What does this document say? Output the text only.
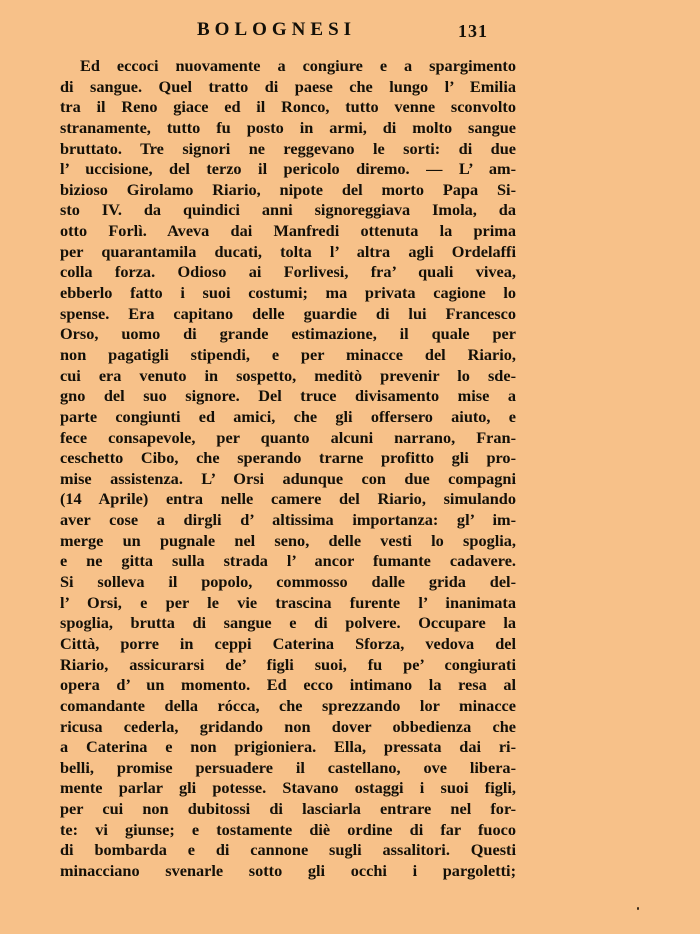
BOLOGNESI	131
Ed eccoci nuovamente a congiure e a spargimento
di sangue. Quel tratto di paese che lungo l’ Emilia
tra il Reno giace ed il Ronco, tutto venne sconvolto
stranamente, tutto fu posto in armi, di molto sangue
bruttato. Tre signori ne reggevano le sorti: di due
l’ uccisione, del terzo il pericolo diremo. — L’ am-
bizioso Girolamo Riario, nipote del morto Papa Si-
sto IV. da quindici anni signoreggiava Imola, da
otto Forlì. Aveva dai Manfredi ottenuta la prima
per quarantamila ducati, tolta l’ altra agli Ordelaffi
colla forza. Odioso ai Forlivesi, fra’ quali vivea,
ebberlo fatto i suoi costumi; ma privata cagione lo
spense. Era capitano delle guardie di lui Francesco
Orso, uomo di grande estimazione, il quale per
non pagatigli stipendi, e per minacce del Riario,
cui era venuto in sospetto, meditò prevenir lo sde-
gno del suo signore. Del truce divisamento mise a
parte congiunti ed amici, che gli offersero aiuto, e
fece consapevole, per quanto alcuni narrano, Fran-
ceschetto Cibo, che sperando trarne profitto gli pro-
mise assistenza. L’ Orsi adunque con due compagni
(14 Aprile) entra nelle camere del Riario, simulando
aver cose a dirgli d’ altissima importanza: gl’ im-
merge un pugnale nel seno, delle vesti lo spoglia,
e ne gitta sulla strada l’ ancor fumante cadavere.
Si solleva il popolo, commosso dalle grida del-
l’ Orsi, e per le vie trascina furente l’ inanimata
spoglia, brutta di sangue e di polvere. Occupare la
Città, porre in ceppi Caterina Sforza, vedova del
Riario, assicurarsi de’ figli suoi, fu pe’ congiurati
opera d’ un momento. Ed ecco intimano la resa al
comandante della rócca, che sprezzando lor minacce
ricusa cederla, gridando non dover obbedienza che
a Caterina e non prigioniera. Ella, pressata dai ri-
belli, promise persuadere il castellano, ove libera-
mente parlar gli potesse. Stavano ostaggi i suoi figli,
per cui non dubitossi di lasciarla entrare nel for-
te: vi giunse; e tostamente diè ordine di far fuoco
di bombarda e di cannone sugli assalitori. Questi
minacciano svenarle sotto gli occhi i pargoletti;
